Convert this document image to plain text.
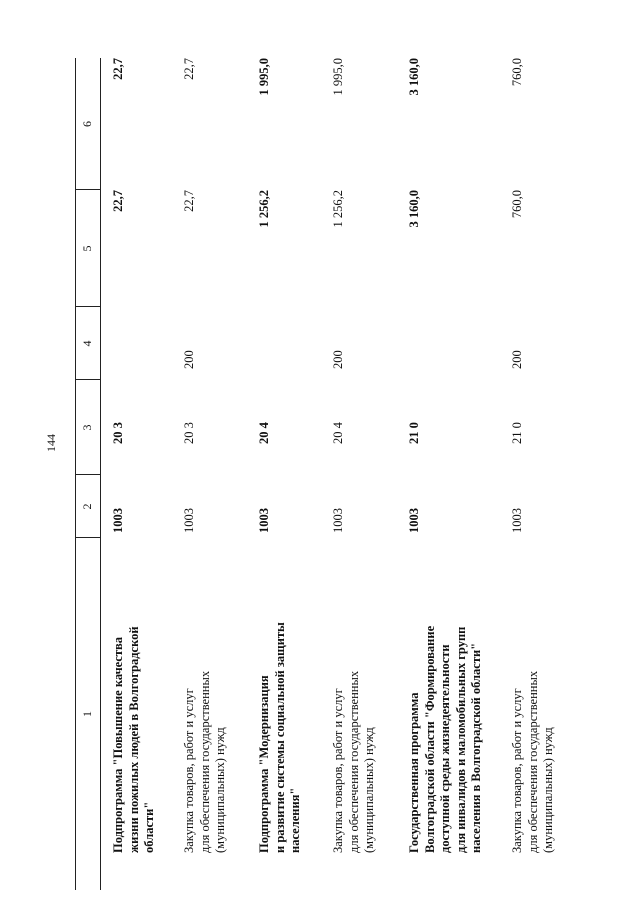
144
1
2
3
4
5
6
Подпрограмма "Повышение качества жизни пожилых людей в Волгоградской области"
1003
20 3
22,7
22,7
Закупка товаров, работ и услуг для обеспечения государственных (муниципальных) нужд
1003
20 3
200
22,7
22,7
Подпрограмма "Модернизация и развитие системы социальной защиты населения"
1003
20 4
1 256,2
1 995,0
Закупка товаров, работ и услуг для обеспечения государственных (муниципальных) нужд
1003
20 4
200
1 256,2
1 995,0
Государственная программа Волгоградской области "Формирование доступной среды жизнедеятельности для инвалидов и маломобильных групп населения в Волгоградской области"
1003
21 0
3 160,0
3 160,0
Закупка товаров, работ и услуг для обеспечения государственных (муниципальных) нужд
1003
21 0
200
760,0
760,0
